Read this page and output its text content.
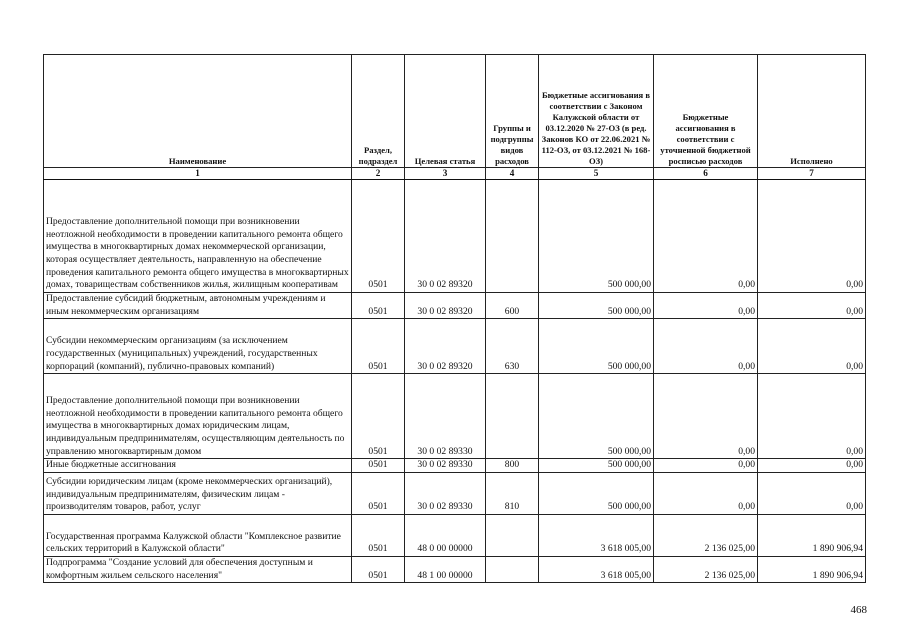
Наименование	Раздел, подраздел	Целевая статья	Группы и подгруппы видов расходов	Бюджетные ассигнования в соответствии с Законом Калужской области от 03.12.2020 № 27-ОЗ (в ред. Законов КО от 22.06.2021 № 112-ОЗ, от 03.12.2021 № 168-ОЗ)	Бюджетные ассигнования в соответствии с уточненной бюджетной росписью расходов	Исполнено
1	2	3	4	5	6	7
Предоставление дополнительной помощи при возникновении неотложной необходимости в проведении капитального ремонта общего имущества в многоквартирных домах некоммерческой организации, которая осуществляет деятельность, направленную на обеспечение проведения капитального ремонта общего имущества в многоквартирных домах, товариществам собственников жилья, жилищным кооперативам	0501	30 0 02 89320		500 000,00	0,00	0,00
Предоставление субсидий бюджетным, автономным учреждениям и иным некоммерческим организациям	0501	30 0 02 89320	600	500 000,00	0,00	0,00
Субсидии некоммерческим организациям (за исключением государственных (муниципальных) учреждений, государственных корпораций (компаний), публично-правовых компаний)	0501	30 0 02 89320	630	500 000,00	0,00	0,00
Предоставление дополнительной помощи при возникновении неотложной необходимости в проведении капитального ремонта общего имущества в многоквартирных домах юридическим лицам, индивидуальным предпринимателям, осуществляющим деятельность по управлению многоквартирным домом	0501	30 0 02 89330		500 000,00	0,00	0,00
Иные бюджетные ассигнования	0501	30 0 02 89330	800	500 000,00	0,00	0,00
Субсидии юридическим лицам (кроме некоммерческих организаций), индивидуальным предпринимателям, физическим лицам - производителям товаров, работ, услуг	0501	30 0 02 89330	810	500 000,00	0,00	0,00
Государственная программа Калужской области "Комплексное развитие сельских территорий в Калужской области"	0501	48 0 00 00000		3 618 005,00	2 136 025,00	1 890 906,94
Подпрограмма "Создание условий для обеспечения доступным и комфортным жильем сельского населения"	0501	48 1 00 00000		3 618 005,00	2 136 025,00	1 890 906,94
468
